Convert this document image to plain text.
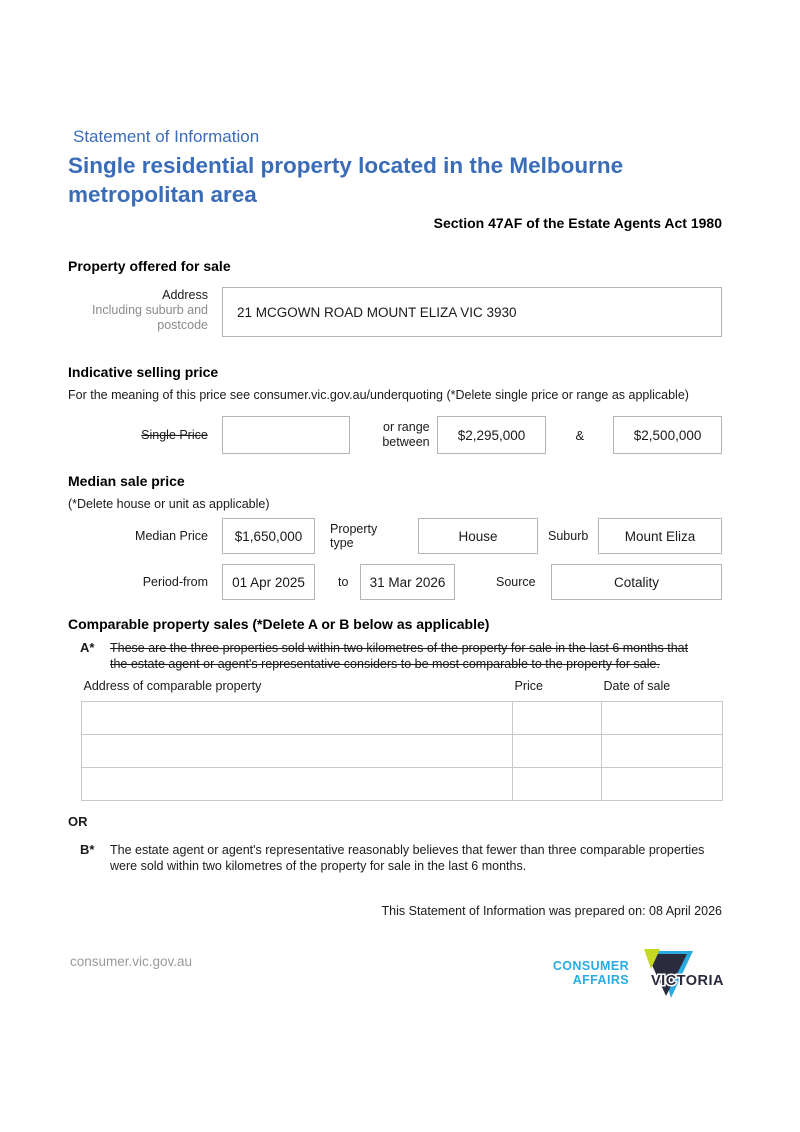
Statement of Information
Single residential property located in the Melbourne metropolitan area
Section 47AF of the Estate Agents Act 1980
Property offered for sale
Address
Including suburb and postcode
21 MCGOWN ROAD MOUNT ELIZA VIC 3930
Indicative selling price
For the meaning of this price see consumer.vic.gov.au/underquoting (*Delete single price or range as applicable)
Single Price
or range between $2,295,000	&	$2,500,000
Median sale price
(*Delete house or unit as applicable)
Median Price $1,650,000 Property type	House	Suburb	Mount Eliza
Period-from 01 Apr 2025	to 31 Mar 2026	Source	Cotality
Comparable property sales (*Delete A or B below as applicable)
A*	These are the three properties sold within two kilometres of the property for sale in the last 6 months that the estate agent or agent's representative considers to be most comparable to the property for sale.
Address of comparable property	Price	Date of sale

OR
B*	The estate agent or agent's representative reasonably believes that fewer than three comparable properties were sold within two kilometres of the property for sale in the last 6 months.
This Statement of Information was prepared on: 08 April 2026
consumer.vic.gov.au	CONSUMER
AFFAIRS VICTORIA
